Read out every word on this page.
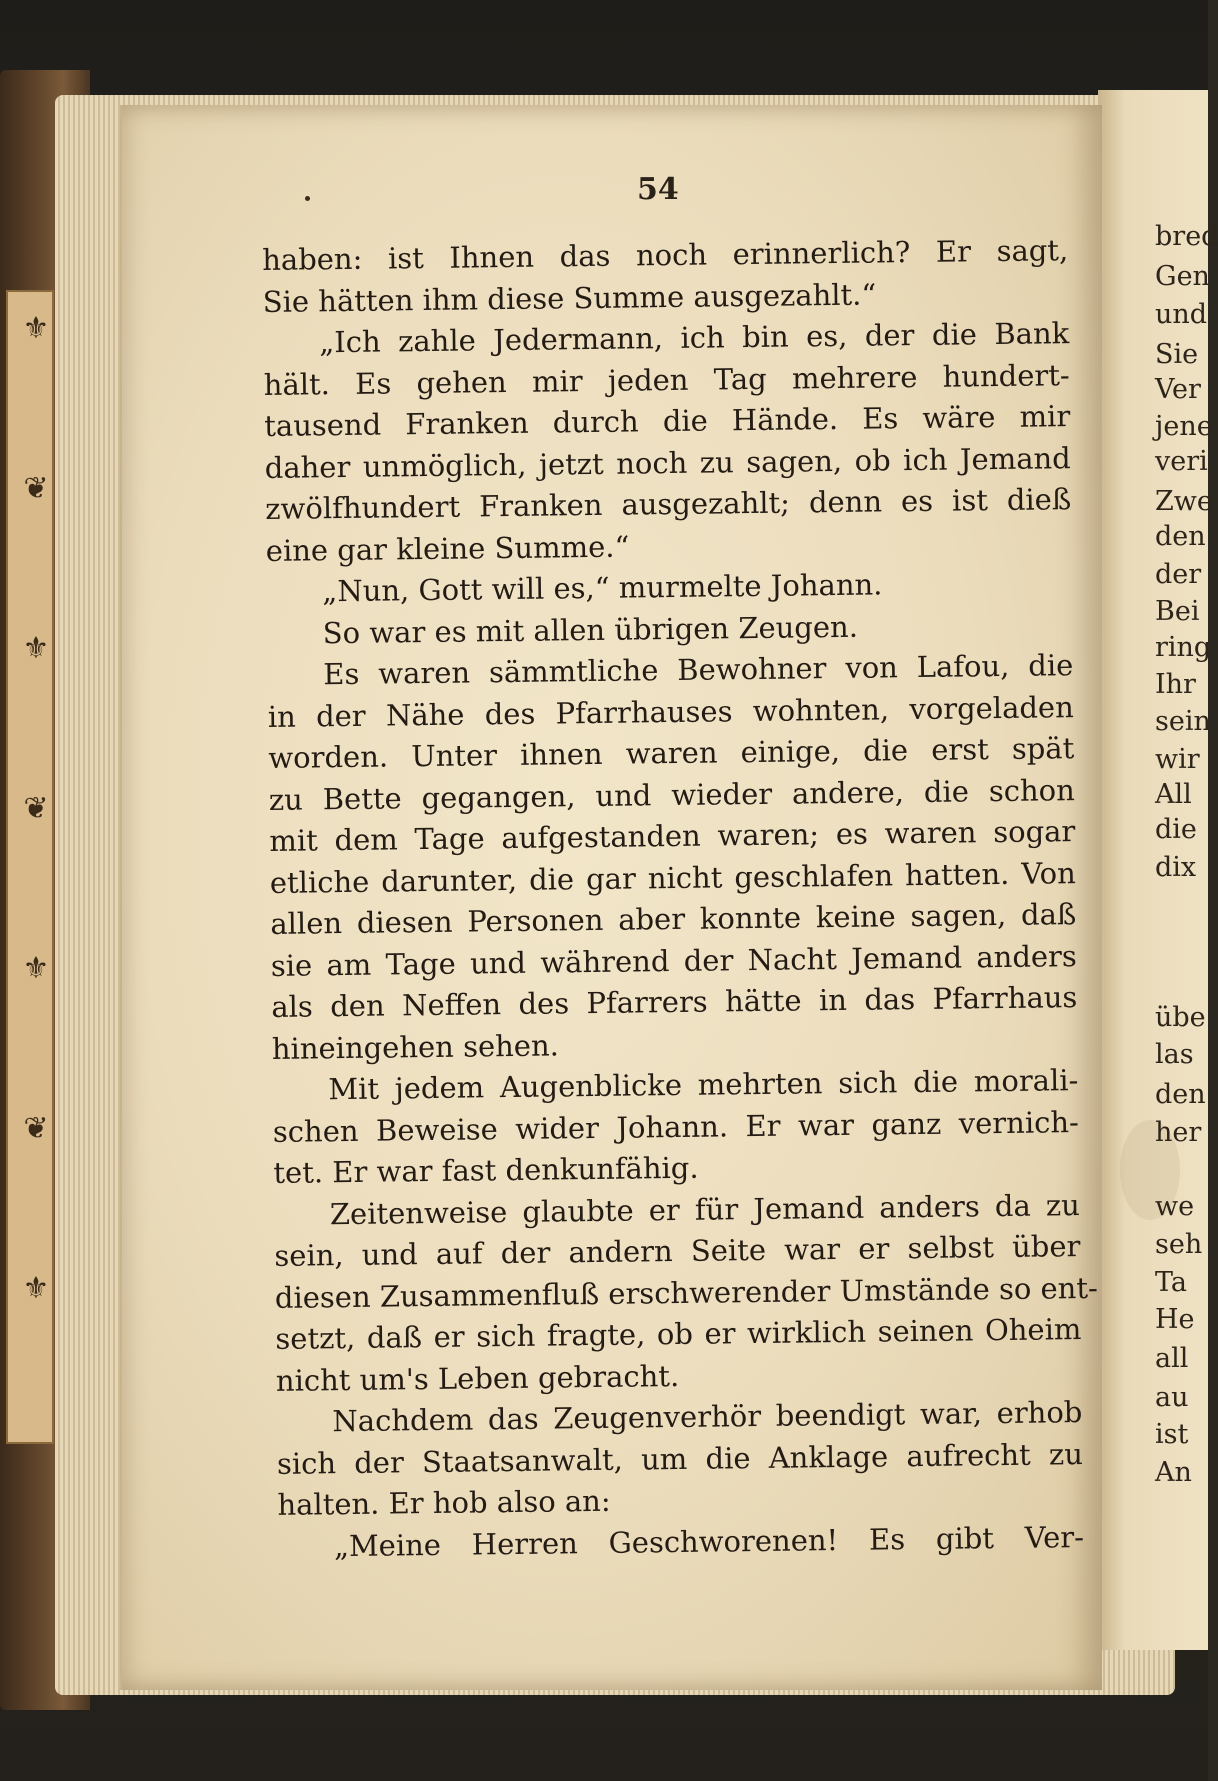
⚜
❦
⚜
❦
⚜
❦
⚜
bred
Gen
und
Sie
Ver
jene
veri
Zwe
den
der
Bei
ring
Ihr
sein
wir
All
die
dix
übe
las
den
her
we
seh
Ta
He
all
au
ist
An
54
haben: ist Ihnen das noch erinnerlich? Er sagt,
Sie hätten ihm diese Summe ausgezahlt.“
„Ich zahle Jedermann, ich bin es, der die Bank
hält. Es gehen mir jeden Tag mehrere hundert-
tausend Franken durch die Hände. Es wäre mir
daher unmöglich, jetzt noch zu sagen, ob ich Jemand
zwölfhundert Franken ausgezahlt; denn es ist dieß
eine gar kleine Summe.“
„Nun, Gott will es,“ murmelte Johann.
So war es mit allen übrigen Zeugen.
Es waren sämmtliche Bewohner von Lafou, die
in der Nähe des Pfarrhauses wohnten, vorgeladen
worden. Unter ihnen waren einige, die erst spät
zu Bette gegangen, und wieder andere, die schon
mit dem Tage aufgestanden waren; es waren sogar
etliche darunter, die gar nicht geschlafen hatten. Von
allen diesen Personen aber konnte keine sagen, daß
sie am Tage und während der Nacht Jemand anders
als den Neffen des Pfarrers hätte in das Pfarrhaus
hineingehen sehen.
Mit jedem Augenblicke mehrten sich die morali-
schen Beweise wider Johann. Er war ganz vernich-
tet. Er war fast denkunfähig.
Zeitenweise glaubte er für Jemand anders da zu
sein, und auf der andern Seite war er selbst über
diesen Zusammenfluß erschwerender Umstände so ent-
setzt, daß er sich fragte, ob er wirklich seinen Oheim
nicht um's Leben gebracht.
Nachdem das Zeugenverhör beendigt war, erhob
sich der Staatsanwalt, um die Anklage aufrecht zu
halten. Er hob also an:
„Meine Herren Geschworenen! Es gibt Ver-
